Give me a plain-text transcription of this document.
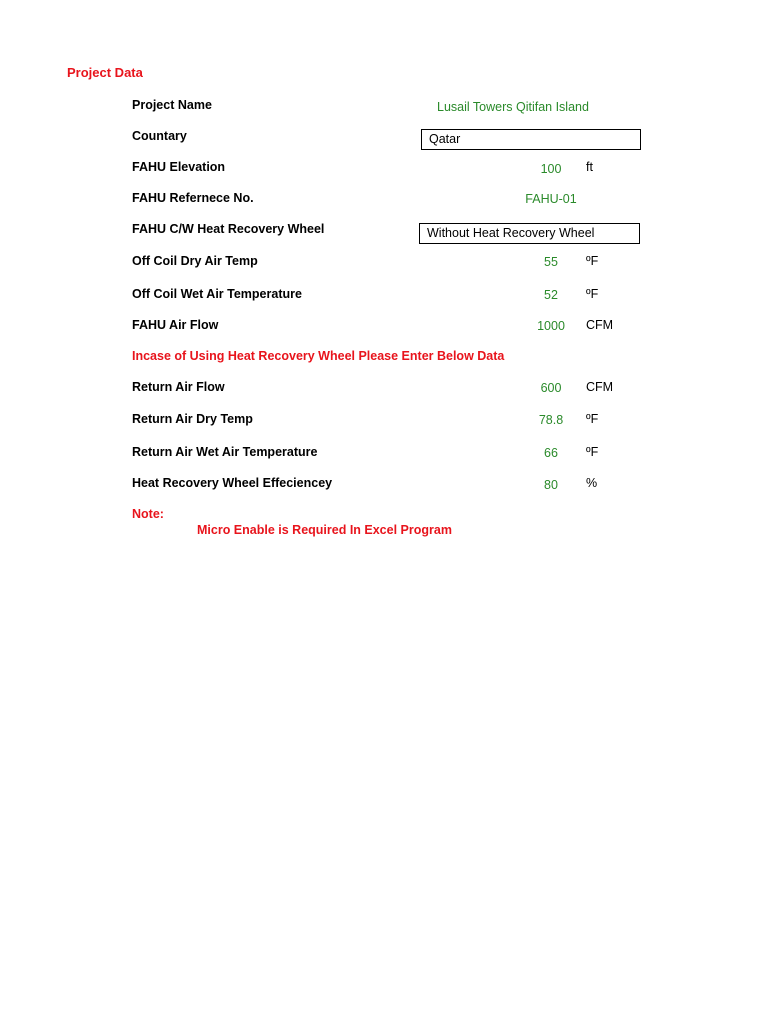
Project Data
Project Name	Lusail Towers Qitifan Island
Countary	Qatar
FAHU Elevation	100	ft
FAHU Refernece No.	FAHU-01
FAHU C/W Heat Recovery Wheel	Without Heat Recovery Wheel
Off Coil Dry Air Temp	55	ºF
Off Coil Wet Air Temperature	52	ºF
FAHU Air Flow	1000	CFM
Incase of Using Heat Recovery Wheel Please Enter Below Data
Return Air Flow	600	CFM
Return Air Dry Temp	78.8	ºF
Return Air Wet Air Temperature	66	ºF
Heat Recovery Wheel Effeciencey	80	%
Note:
Micro Enable is Required In Excel Program
